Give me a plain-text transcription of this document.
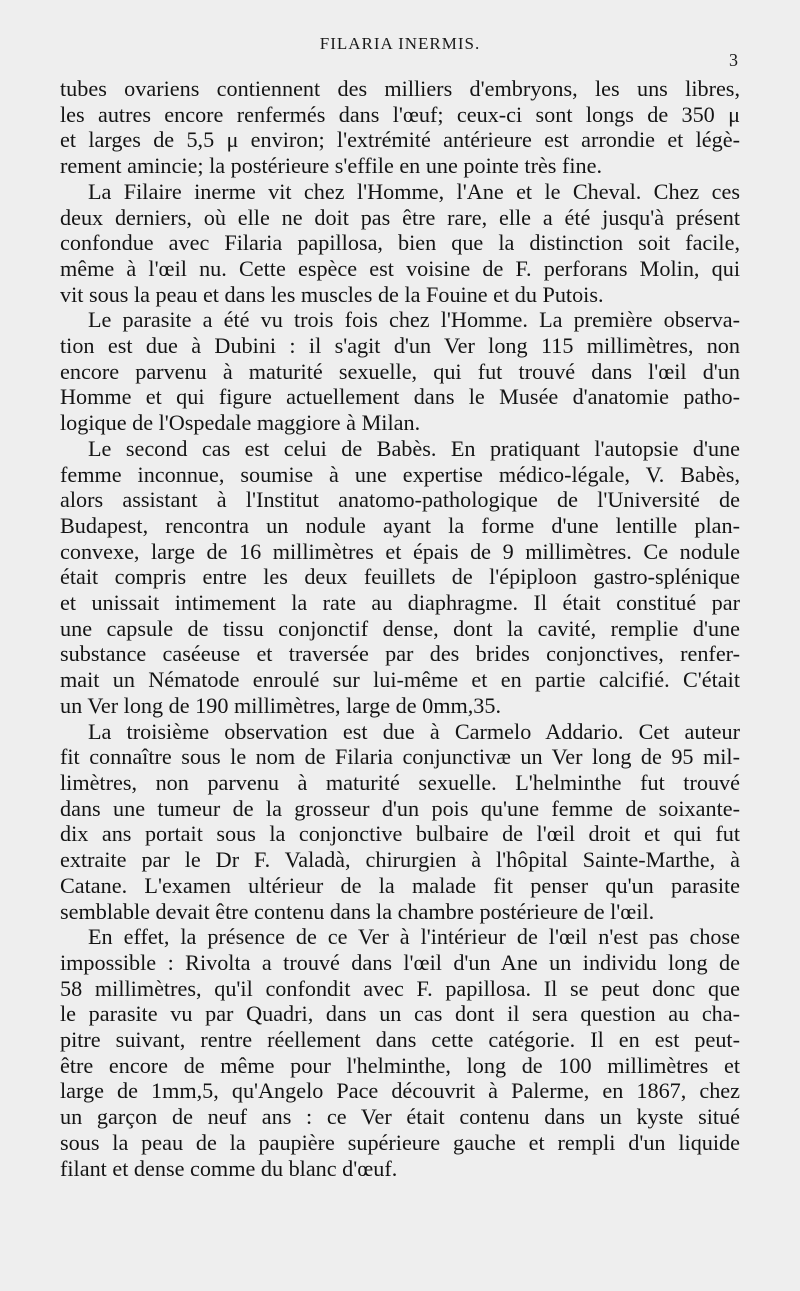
FILARIA INERMIS.
3
tubes ovariens contiennent des milliers d'embryons, les uns libres,
les autres encore renfermés dans l'œuf; ceux-ci sont longs de 350 μ
et larges de 5,5 μ environ; l'extrémité antérieure est arrondie et légè-
rement amincie; la postérieure s'effile en une pointe très fine.
La Filaire inerme vit chez l'Homme, l'Ane et le Cheval. Chez ces
deux derniers, où elle ne doit pas être rare, elle a été jusqu'à présent
confondue avec Filaria papillosa, bien que la distinction soit facile,
même à l'œil nu. Cette espèce est voisine de F. perforans Molin, qui
vit sous la peau et dans les muscles de la Fouine et du Putois.
Le parasite a été vu trois fois chez l'Homme. La première observa-
tion est due à Dubini : il s'agit d'un Ver long 115 millimètres, non
encore parvenu à maturité sexuelle, qui fut trouvé dans l'œil d'un
Homme et qui figure actuellement dans le Musée d'anatomie patho-
logique de l'Ospedale maggiore à Milan.
Le second cas est celui de Babès. En pratiquant l'autopsie d'une
femme inconnue, soumise à une expertise médico-légale, V. Babès,
alors assistant à l'Institut anatomo-pathologique de l'Université de
Budapest, rencontra un nodule ayant la forme d'une lentille plan-
convexe, large de 16 millimètres et épais de 9 millimètres. Ce nodule
était compris entre les deux feuillets de l'épiploon gastro-splénique
et unissait intimement la rate au diaphragme. Il était constitué par
une capsule de tissu conjonctif dense, dont la cavité, remplie d'une
substance caséeuse et traversée par des brides conjonctives, renfer-
mait un Nématode enroulé sur lui-même et en partie calcifié. C'était
un Ver long de 190 millimètres, large de 0mm,35.
La troisième observation est due à Carmelo Addario. Cet auteur
fit connaître sous le nom de Filaria conjunctivæ un Ver long de 95 mil-
limètres, non parvenu à maturité sexuelle. L'helminthe fut trouvé
dans une tumeur de la grosseur d'un pois qu'une femme de soixante-
dix ans portait sous la conjonctive bulbaire de l'œil droit et qui fut
extraite par le Dr F. Valadà, chirurgien à l'hôpital Sainte-Marthe, à
Catane. L'examen ultérieur de la malade fit penser qu'un parasite
semblable devait être contenu dans la chambre postérieure de l'œil.
En effet, la présence de ce Ver à l'intérieur de l'œil n'est pas chose
impossible : Rivolta a trouvé dans l'œil d'un Ane un individu long de
58 millimètres, qu'il confondit avec F. papillosa. Il se peut donc que
le parasite vu par Quadri, dans un cas dont il sera question au cha-
pitre suivant, rentre réellement dans cette catégorie. Il en est peut-
être encore de même pour l'helminthe, long de 100 millimètres et
large de 1mm,5, qu'Angelo Pace découvrit à Palerme, en 1867, chez
un garçon de neuf ans : ce Ver était contenu dans un kyste situé
sous la peau de la paupière supérieure gauche et rempli d'un liquide
filant et dense comme du blanc d'œuf.
